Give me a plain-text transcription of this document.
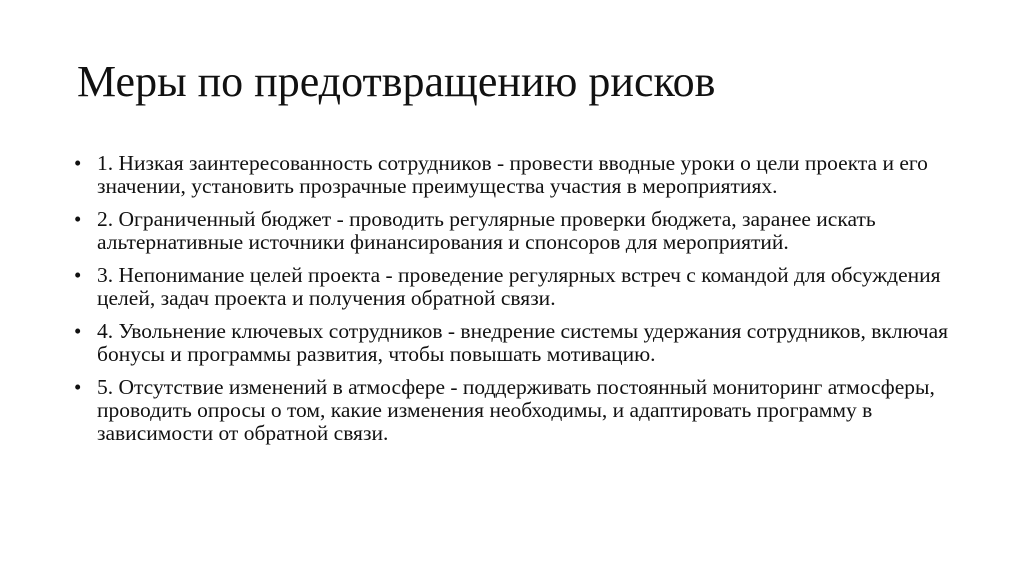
Меры по предотвращению рисков
• 1. Низкая заинтересованность сотрудников - провести вводные уроки о цели проекта и его значении, установить прозрачные преимущества участия в мероприятиях.
• 2. Ограниченный бюджет - проводить регулярные проверки бюджета, заранее искать альтернативные источники финансирования и спонсоров для мероприятий.
• 3. Непонимание целей проекта - проведение регулярных встреч с командой для обсуждения целей, задач проекта и получения обратной связи.
• 4. Увольнение ключевых сотрудников - внедрение системы удержания сотрудников, включая бонусы и программы развития, чтобы повышать мотивацию.
• 5. Отсутствие изменений в атмосфере - поддерживать постоянный мониторинг атмосферы, проводить опросы о том, какие изменения необходимы, и адаптировать программу в зависимости от обратной связи.
